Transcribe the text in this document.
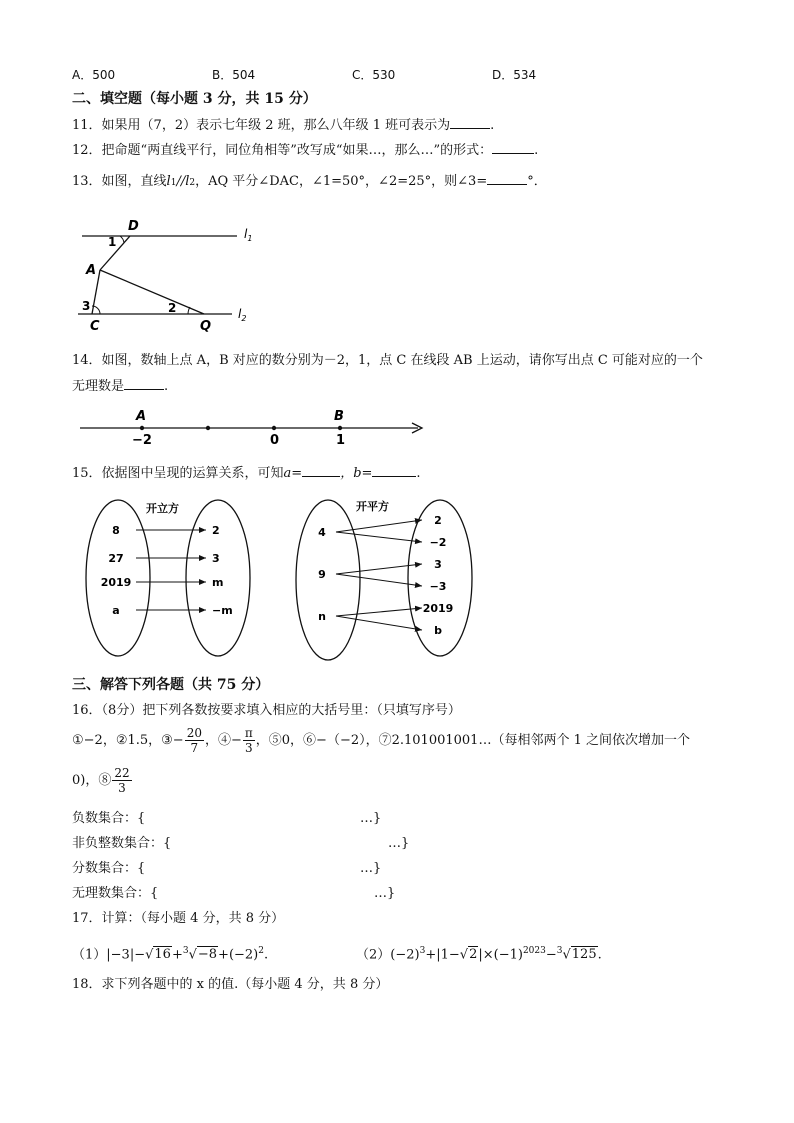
A．500	B．504	C．530	D．534
二、填空题（每小题 3 分，共 15 分）
11．如果用（7，2）表示七年级 2 班，那么八年级 1 班可表示为	.
12．把命题“两直线平行，同位角相等”改写成“如果…，那么…”的形式：	.
13．如图，直线l1//l2，AQ 平分∠DAC，∠1=50°，∠2=25°，则∠3=	°．
D
1
A
3	2
C	Q
$l_1$
$l_2$
14．如图，数轴上点 A，B 对应的数分别为－2，1，点 C 在线段 AB 上运动，请你写出点 C 可能对应的一个
无理数是	.
A	B
−2	0	1
15．依据图中呈现的运算关系，可知a=	，b=	.
开立方
8
27
2019
a
2
3
m
−m
开平方
4
9
n
2
−2
3
−3
2019
b
三、解答下列各题（共 75 分）
16．（8分）把下列各数按要求填入相应的大括号里：（只填写序号）
①−2，②1.5，③− $\frac{20}{7}$ ，④− $\frac{\pi}{3}$ ，⑤0，⑥−（−2），⑦2.101001001…（每相邻两个 1 之间依次增加一个
0)，⑧ $\frac{22}{3}$
负数集合：{	…}
非负整数集合：{	…}
分数集合：{	…}
无理数集合：{	…}
17．计算：（每小题 4 分，共 8 分）
$(1)|-3|-√16+^3√-8+(-2)^2$.	$(2)(-2)^3+|1-√2|\times(-1)^{2023}-^3√125$.
18．求下列各题中的 x 的值.（每小题 4 分，共 8 分）
